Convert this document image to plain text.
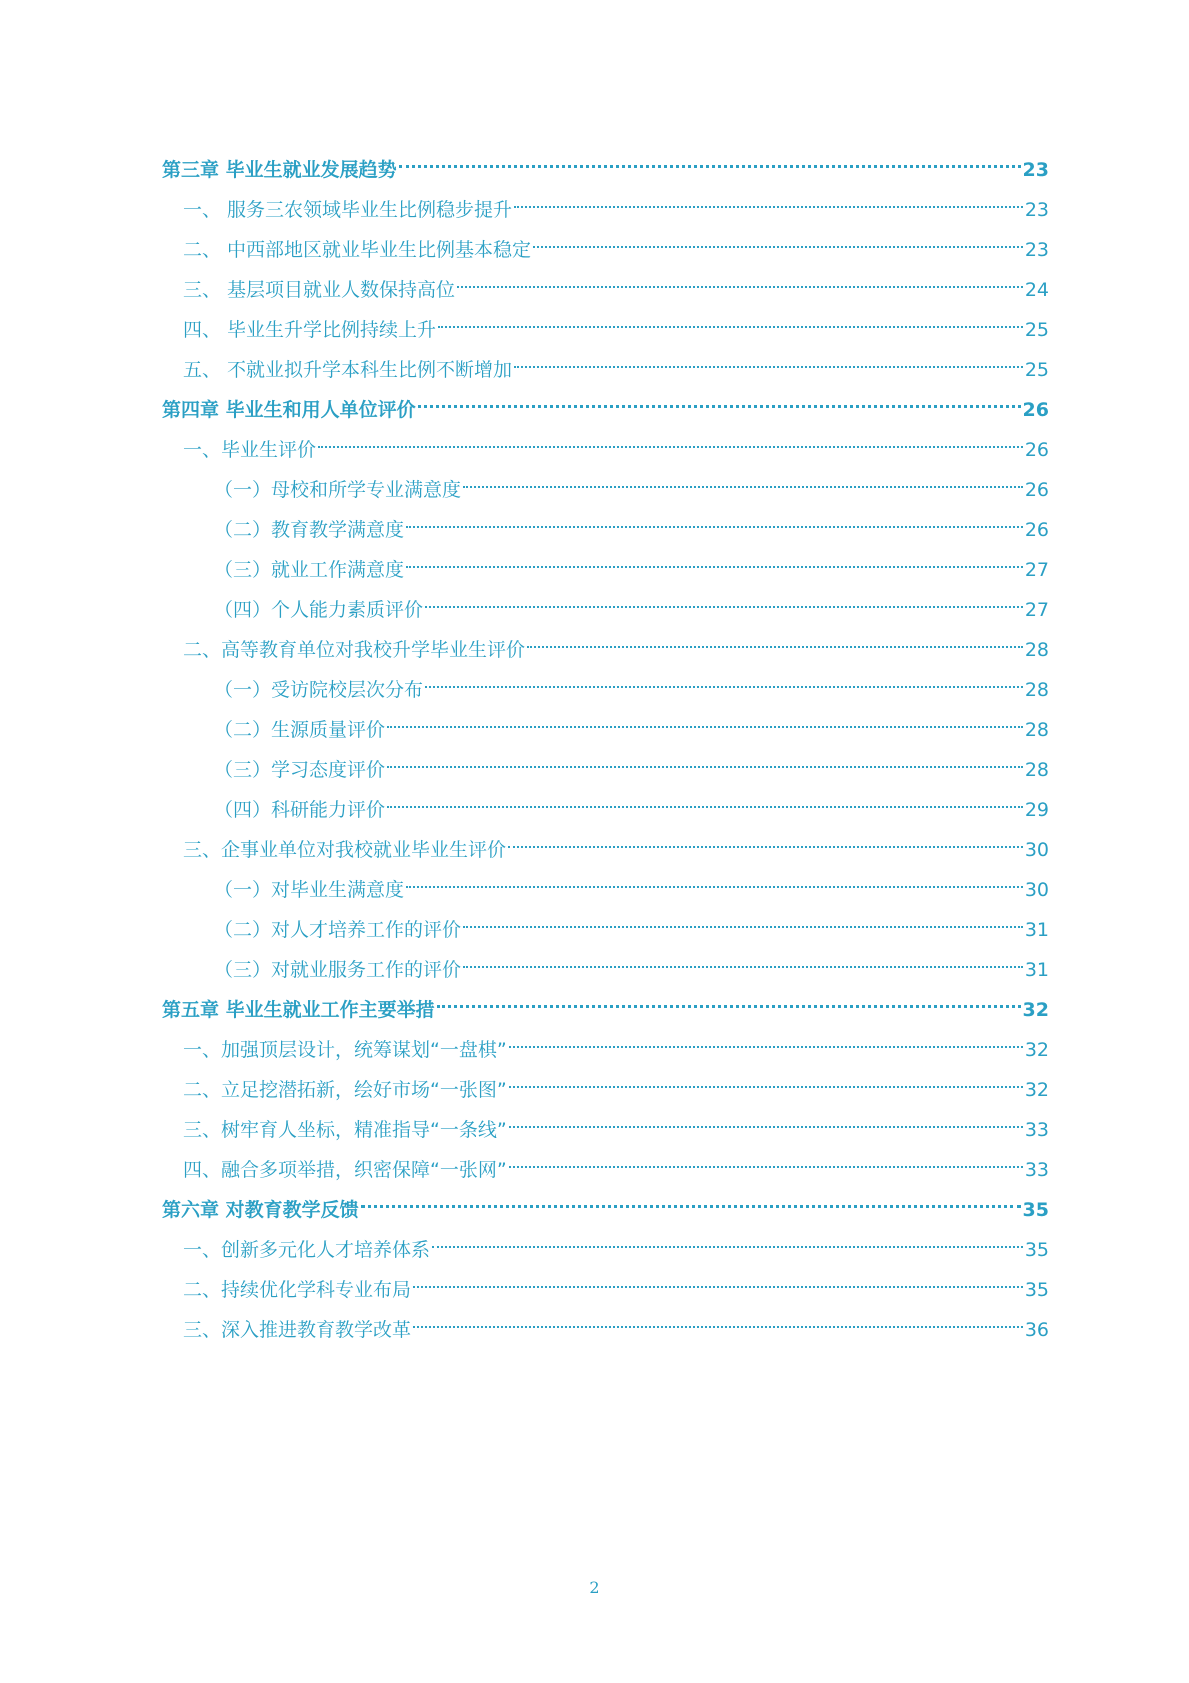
第三章 毕业生就业发展趋势	23
一、 服务三农领域毕业生比例稳步提升	23
二、 中西部地区就业毕业生比例基本稳定	23
三、 基层项目就业人数保持高位	24
四、 毕业生升学比例持续上升	25
五、 不就业拟升学本科生比例不断增加	25
第四章 毕业生和用人单位评价	26
一、毕业生评价	26
（一）母校和所学专业满意度	26
（二）教育教学满意度	26
（三）就业工作满意度	27
（四）个人能力素质评价	27
二、高等教育单位对我校升学毕业生评价	28
（一）受访院校层次分布	28
（二）生源质量评价	28
（三）学习态度评价	28
（四）科研能力评价	29
三、企事业单位对我校就业毕业生评价	30
（一）对毕业生满意度	30
（二）对人才培养工作的评价	31
（三）对就业服务工作的评价	31
第五章 毕业生就业工作主要举措	32
一、加强顶层设计，统筹谋划“一盘棋”	32
二、立足挖潜拓新，绘好市场“一张图”	32
三、树牢育人坐标，精准指导“一条线”	33
四、融合多项举措，织密保障“一张网”	33
第六章 对教育教学反馈	35
一、创新多元化人才培养体系	35
二、持续优化学科专业布局	35
三、深入推进教育教学改革	36
2
